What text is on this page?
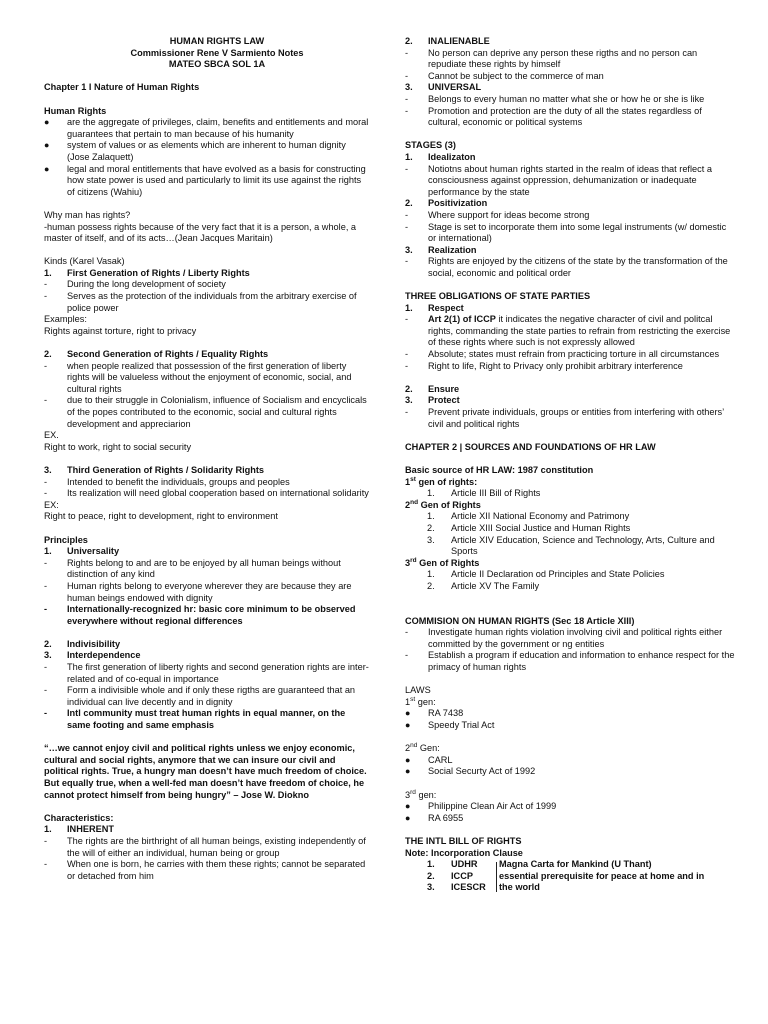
HUMAN RIGHTS LAW
Commissioner Rene V Sarmiento Notes
MATEO SBCA SOL 1A
Chapter 1 I Nature of Human Rights
Human Rights
● are the aggregate of privileges, claim, benefits and entitlements and moral guarantees that pertain to man because of his humanity
● system of values or as elements which are inherent to human dignity (Jose Zalaquett)
● legal and moral entitlements that have evolved as a basis for constructing how state power is used and particularly to limit its use against the rights of citizens (Wahiu)
Why man has rights?
-human possess rights because of the very fact that it is a person, a whole, a master of itself, and of its acts…(Jean Jacques Maritain)
Kinds (Karel Vasak)
1. First Generation of Rights / Liberty Rights
- During the long development of society
- Serves as the protection of the individuals from the arbitrary exercise of police power
Examples:
Rights against torture, right to privacy
2. Second Generation of Rights / Equality Rights
- when people realized that possession of the first generation of liberty rights will be valueless without the enjoyment of economic, social, and cultural rights
- due to their struggle in Colonialism, influence of Socialism and encyclicals of the popes contributed to the economic, social and cultural rights development and appreciarion
EX.
Right to work, right to social security
3. Third Generation of Rights / Solidarity Rights
- Intended to benefit the individuals, groups and peoples
- Its realization will need global cooperation based on international solidarity
EX:
Right to peace, right to development, right to environment
Principles
1. Universality
- Rights belong to and are to be enjoyed by all human beings without distinction of any kind
- Human rights belong to everyone wherever they are because they are human beings endowed with dignity
- Internationally-recognized hr: basic core minimum to be observed everywhere without regional differences
2. Indivisibility
3. Interdependence
- The first generation of liberty rights and second generation rights are inter-related and of co-equal in importance
- Form a indivisible whole and if only these rigths are guaranteed that an individual can live decently and in dignity
- Intl community must treat human rights in equal manner, on the same footing and same emphasis
“…we cannot enjoy civil and political rights unless we enjoy economic, cultural and social rights, anymore that we can insure our civil and political rights. True, a hungry man doesn’t have much freedom of choice. But equally true, when a well-fed man doesn’t have freedom of choice, he cannot protect himself from being hungry” – Jose W. Diokno
Characteristics:
1. INHERENT
- The rights are the birthright of all human beings, existing independently of the will of either an individual, human being or group
- When one is born, he carries with them these rights; cannot be separated or detached from him
2. INALIENABLE
- No person can deprive any person these rigths and no person can repudiate these rights by himself
- Cannot be subject to the commerce of man
3. UNIVERSAL
- Belongs to every human no matter what she or how he or she is like
- Promotion and protection are the duty of all the states regardless of cultural, economic or political systems
STAGES (3)
1. Idealizaton
- Notiotns about human rights started in the realm of ideas that reflect a consciousness against oppression, dehumanization or inadequate performance by the state
2. Positivization
- Where support for ideas become strong
- Stage is set to incorporate them into some legal instruments (w/ domestic or international)
3. Realization
- Rights are enjoyed by the citizens of the state by the transformation of the social, economic and political order
THREE OBLIGATIONS OF STATE PARTIES
1. Respect
- Art 2(1) of ICCP it indicates the negative character of civil and politcal rights, commanding the state parties to refrain from restricting the exercise of these rights where such is not expressly allowed
- Absolute; states must refrain from practicing torture in all circumstances
- Right to life, Right to Privacy only prohibit arbitrary interference
2. Ensure
3. Protect
- Prevent private individuals, groups or entities from interfering with others’ civil and political rights
CHAPTER 2 | SOURCES AND FOUNDATIONS OF HR LAW
Basic source of HR LAW: 1987 constitution
1st gen of rights:
1. Article III Bill of Rights
2nd Gen of Rights
1. Article XII National Economy and Patrimony
2. Article XIII Social Justice and Human Rights
3. Article XIV Education, Science and Technology, Arts, Culture and Sports
3rd Gen of Rights
1. Article II Declaration od Principles and State Policies
2. Article XV The Family
COMMISION ON HUMAN RIGHTS (Sec 18 Article XIII)
- Investigate human rights violation involving civil and political rights either committed by the government or ng entities
- Establish a program if education and information to enhance respect for the primacy of human rights
LAWS
1st gen:
● RA 7438
● Speedy Trial Act
2nd Gen:
● CARL
● Social Securty Act of 1992
3rd gen:
● Philippine Clean Air Act of 1999
● RA 6955
THE INTL BILL OF RIGHTS
Note: Incorporation Clause
1. UDHR Magna Carta for Mankind (U Thant)
2. ICCP	essential prerequisite for peace at home and in
3. ICESCR the world
